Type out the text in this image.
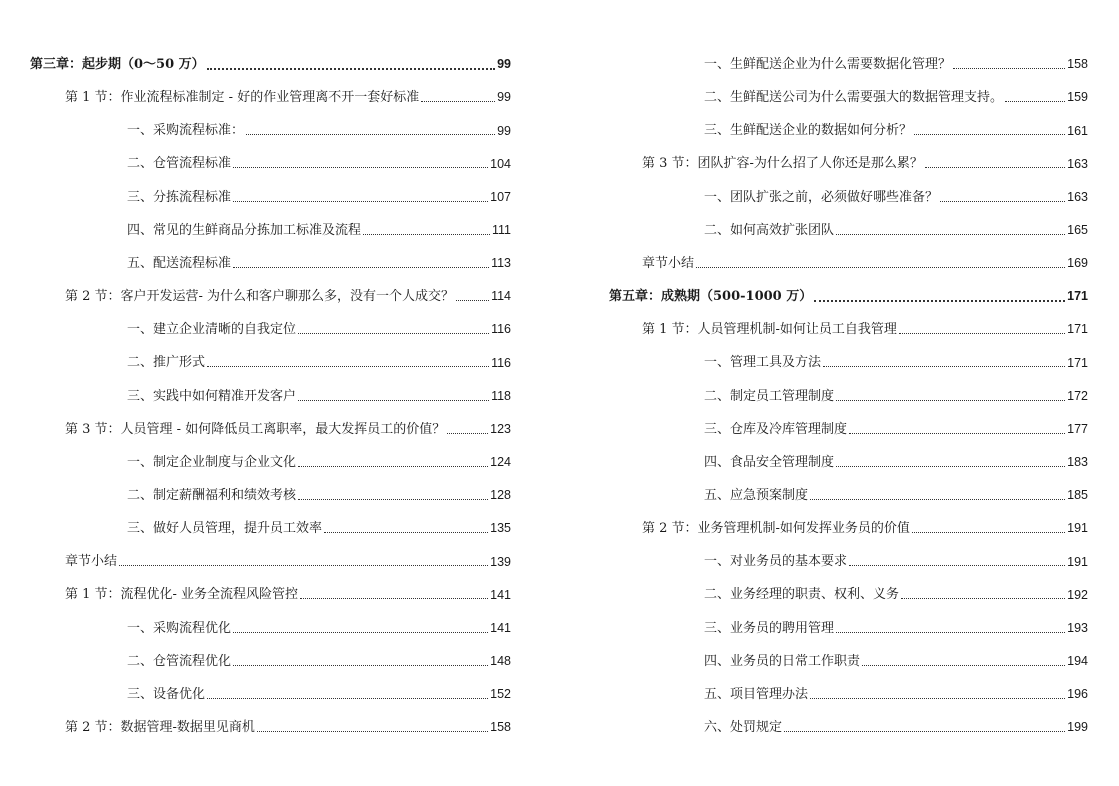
第三章：起步期（0～50 万）	99
第 1 节：作业流程标准制定 - 好的作业管理离不开一套好标准	99
一、采购流程标准：	99
二、仓管流程标准	104
三、分拣流程标准	107
四、常见的生鲜商品分拣加工标准及流程	111
五、配送流程标准	113
第 2 节：客户开发运营- 为什么和客户聊那么多，没有一个人成交？	114
一、建立企业清晰的自我定位	116
二、推广形式	116
三、实践中如何精准开发客户	118
第 3 节：人员管理 - 如何降低员工离职率，最大发挥员工的价值？	123
一、制定企业制度与企业文化	124
二、制定薪酬福利和绩效考核	128
三、做好人员管理，提升员工效率	135
章节小结	139
第 1 节：流程优化- 业务全流程风险管控	141
一、采购流程优化	141
二、仓管流程优化	148
三、设备优化	152
第 2 节：数据管理-数据里见商机	158
一、生鲜配送企业为什么需要数据化管理？	158
二、生鲜配送公司为什么需要强大的数据管理支持。	159
三、生鲜配送企业的数据如何分析？	161
第 3 节：团队扩容-为什么招了人你还是那么累？	163
一、团队扩张之前，必须做好哪些准备？	163
二、如何高效扩张团队	165
章节小结	169
第五章：成熟期（500-1000 万）	171
第 1 节：人员管理机制-如何让员工自我管理	171
一、管理工具及方法	171
二、制定员工管理制度	172
三、仓库及冷库管理制度	177
四、食品安全管理制度	183
五、应急预案制度	185
第 2 节：业务管理机制-如何发挥业务员的价值	191
一、对业务员的基本要求	191
二、业务经理的职责、权利、义务	192
三、业务员的聘用管理	193
四、业务员的日常工作职责	194
五、项目管理办法	196
六、处罚规定	199
